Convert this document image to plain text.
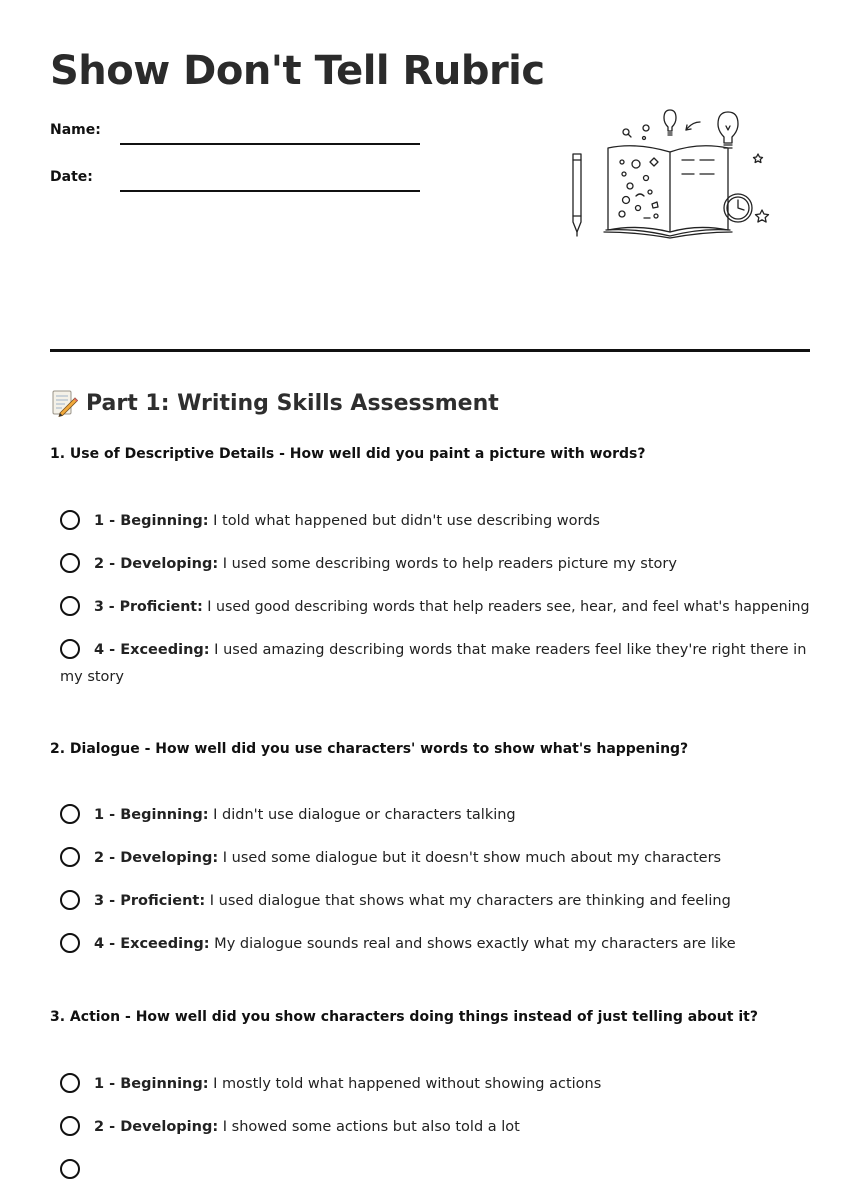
Show Don't Tell Rubric
Name:
Date:
Part 1: Writing Skills Assessment

1. Use of Descriptive Details - How well did you paint a picture with words?

1 - Beginning: I told what happened but didn't use describing words
2 - Developing: I used some describing words to help readers picture my story
3 - Proficient: I used good describing words that help readers see, hear, and feel what's happening
4 - Exceeding: I used amazing describing words that make readers feel like they're right there in my story

2. Dialogue - How well did you use characters' words to show what's happening?

1 - Beginning: I didn't use dialogue or characters talking
2 - Developing: I used some dialogue but it doesn't show much about my characters
3 - Proficient: I used dialogue that shows what my characters are thinking and feeling
4 - Exceeding: My dialogue sounds real and shows exactly what my characters are like

3. Action - How well did you show characters doing things instead of just telling about it?

1 - Beginning: I mostly told what happened without showing actions
2 - Developing: I showed some actions but also told a lot
